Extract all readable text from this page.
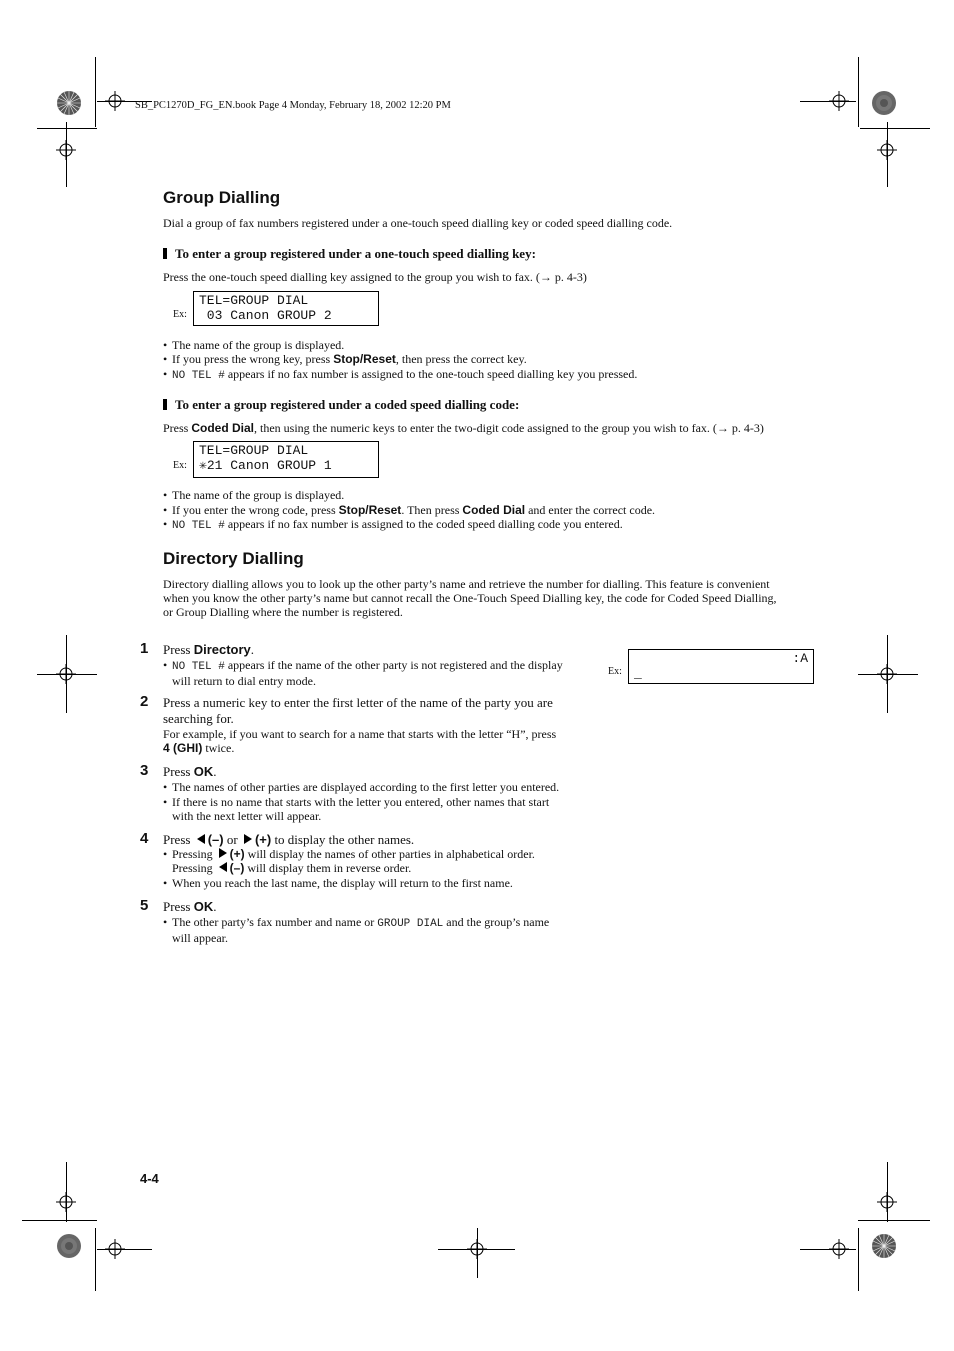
SB_PC1270D_FG_EN.book Page 4 Monday, February 18, 2002 12:20 PM
Group Dialling
Dial a group of fax numbers registered under a one-touch speed dialling key or coded speed dialling code.
To enter a group registered under a one-touch speed dialling key:
Press the one-touch speed dialling key assigned to the group you wish to fax. (→ p. 4-3)
Ex:
TEL=GROUP DIAL
03 Canon GROUP 2
• The name of the group is displayed.
• If you press the wrong key, press Stop/Reset, then press the correct key.
• NO TEL # appears if no fax number is assigned to the one-touch speed dialling key you pressed.
To enter a group registered under a coded speed dialling code:
Press Coded Dial, then using the numeric keys to enter the two-digit code assigned to the group you wish to fax. (→ p. 4-3)
Ex:
TEL=GROUP DIAL
✳21 Canon GROUP 1
• The name of the group is displayed.
• If you enter the wrong code, press Stop/Reset. Then press Coded Dial and enter the correct code.
• NO TEL # appears if no fax number is assigned to the coded speed dialling code you entered.
Directory Dialling
Directory dialling allows you to look up the other party’s name and retrieve the number for dialling. This feature is convenient
when you know the other party’s name but cannot recall the One-Touch Speed Dialling key, the code for Coded Speed Dialling,
or Group Dialling where the number is registered.
Ex:
:A
_
1 Press Directory.
• NO TEL # appears if the name of the other party is not registered and the display
will return to dial entry mode.
2 Press a numeric key to enter the first letter of the name of the party you are
searching for.
For example, if you want to search for a name that starts with the letter “H”, press
4 (GHI) twice.
3 Press OK.
• The names of other parties are displayed according to the first letter you entered.
• If there is no name that starts with the letter you entered, other names that start
with the next letter will appear.
4 Press (–) or (+) to display the other names.
• Pressing (+) will display the names of other parties in alphabetical order.
Pressing (–) will display them in reverse order.
• When you reach the last name, the display will return to the first name.
5 Press OK.
• The other party’s fax number and name or GROUP DIAL and the group’s name
will appear.
4-4
